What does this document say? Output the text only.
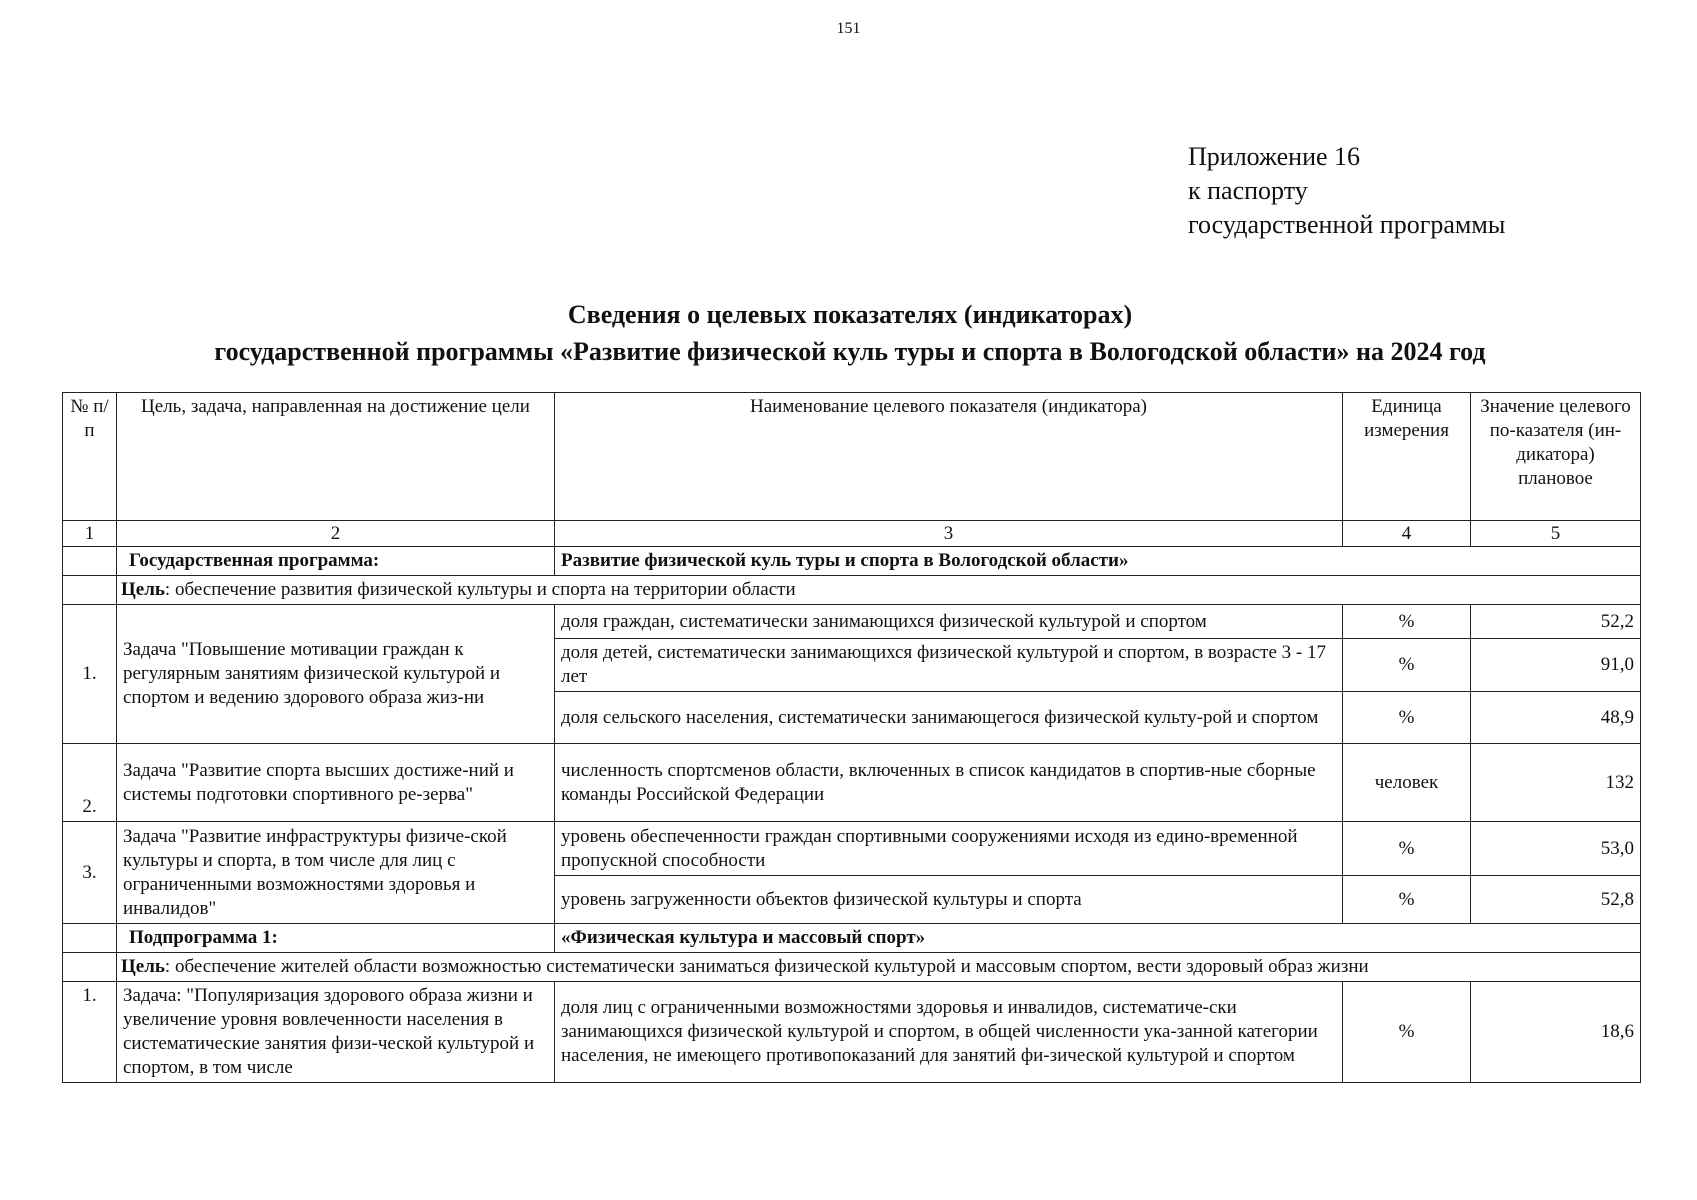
151
Приложение 16
к паспорту
государственной программы
Сведения о целевых показателях (индикаторах)
государственной программы «Развитие физической куль туры и спорта в Вологодской области» на 2024 год
№ п/п	Цель, задача, направленная на достижение цели	Наименование целевого показателя (индикатора)	Единица измерения	Значение целевого по-казателя (ин-дикатора) плановое
1	2	3	4	5
	Государственная программа:	Развитие физической куль туры и спорта в Вологодской области»		
	Цель: обеспечение развития физической культуры и спорта на территории области			
1.	Задача "Повышение мотивации граждан к регулярным занятиям физической культурой и спортом и ведению здорового образа жиз-ни	доля граждан, систематически занимающихся физической культурой и спортом	%	52,2
		доля детей, систематически занимающихся физической культурой и спортом, в возрасте 3 - 17 лет	%	91,0
		доля сельского населения, систематически занимающегося физической культу-рой и спортом	%	48,9
2.	Задача "Развитие спорта высших достиже-ний и системы подготовки спортивного ре-зерва"	численность спортсменов области, включенных в список кандидатов в спортив-ные сборные команды Российской Федерации	человек	132
3.	Задача "Развитие инфраструктуры физиче-ской культуры и спорта, в том числе для лиц с ограниченными возможностями здоровья и инвалидов"	уровень обеспеченности граждан спортивными сооружениями исходя из едино-временной пропускной способности	%	53,0
		уровень загруженности объектов физической культуры и спорта	%	52,8
	Подпрограмма 1:	«Физическая культура и массовый спорт»		
	Цель: обеспечение жителей области возможностью систематически заниматься физической культурой и массовым спортом, вести здоровый образ жизни			
1.	Задача: "Популяризация здорового образа жизни и увеличение уровня вовлеченности населения в систематические занятия физи-ческой культурой и спортом, в том числе	доля лиц с ограниченными возможностями здоровья и инвалидов, систематиче-ски занимающихся физической культурой и спортом, в общей численности ука-занной категории населения, не имеющего противопоказаний для занятий фи-зической культурой и спортом	%	18,6
